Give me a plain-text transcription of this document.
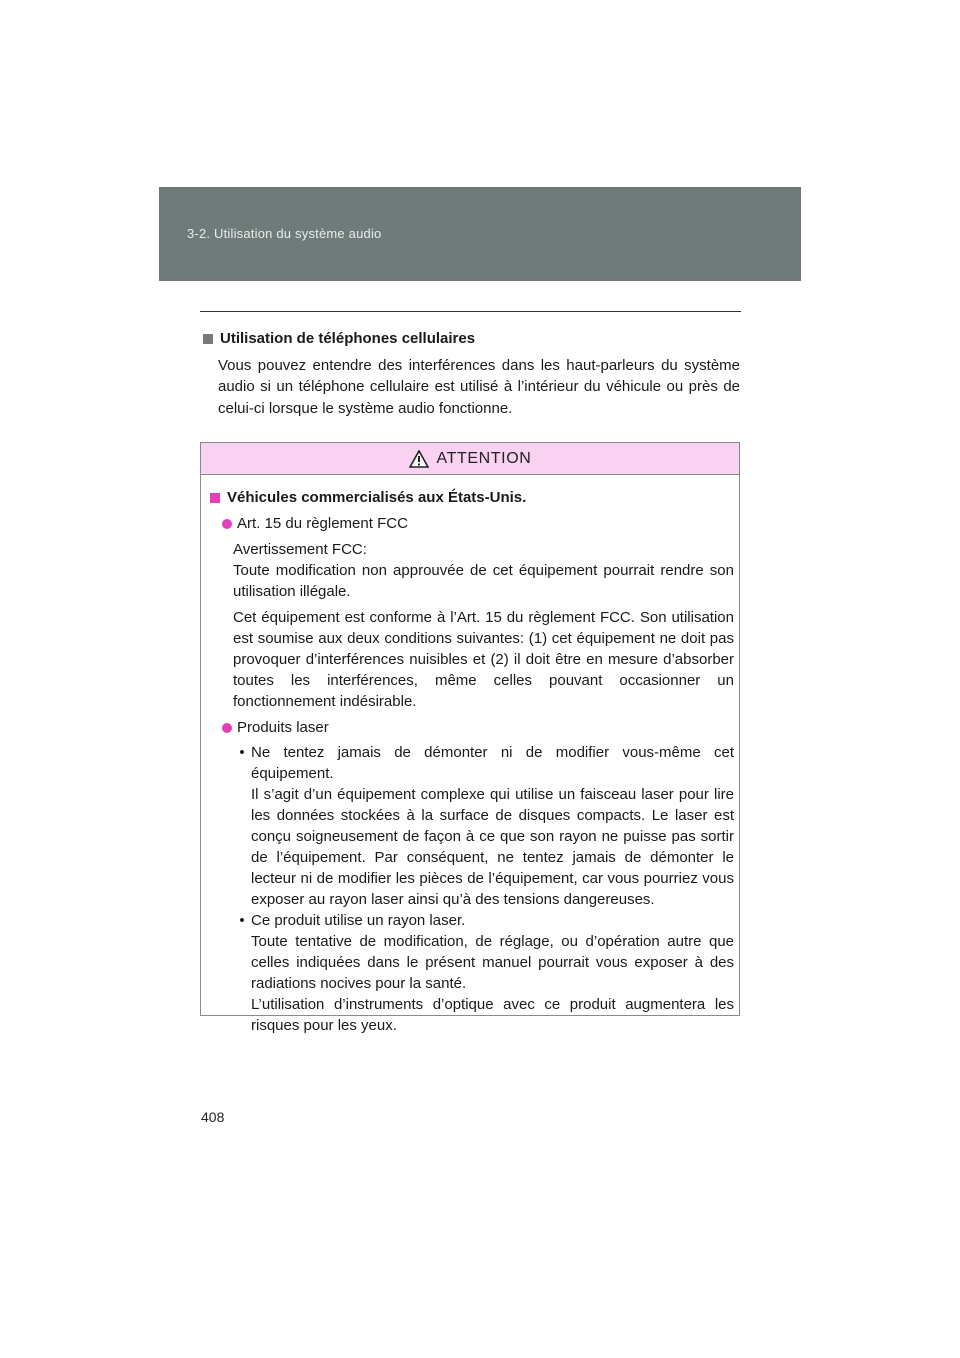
3-2. Utilisation du système audio
Utilisation de téléphones cellulaires
Vous pouvez entendre des interférences dans les haut-parleurs du système audio si un téléphone cellulaire est utilisé à l’intérieur du véhicule ou près de celui-ci lorsque le système audio fonctionne.
ATTENTION
Véhicules commercialisés aux États-Unis.
Art. 15 du règlement FCC
Avertissement FCC:
Toute modification non approuvée de cet équipement pourrait rendre son utilisation illégale.
Cet équipement est conforme à l’Art. 15 du règlement FCC. Son utilisation est soumise aux deux conditions suivantes: (1) cet équipement ne doit pas provoquer d’interférences nuisibles et (2) il doit être en mesure d’absorber toutes les interférences, même celles pouvant occasionner un fonctionnement indésirable.
Produits laser
• Ne tentez jamais de démonter ni de modifier vous-même cet équipement.
Il s’agit d’un équipement complexe qui utilise un faisceau laser pour lire les données stockées à la surface de disques compacts. Le laser est conçu soigneusement de façon à ce que son rayon ne puisse pas sortir de l’équipement. Par conséquent, ne tentez jamais de démonter le lecteur ni de modifier les pièces de l’équipement, car vous pourriez vous exposer au rayon laser ainsi qu’à des tensions dangereuses.
• Ce produit utilise un rayon laser.
Toute tentative de modification, de réglage, ou d’opération autre que celles indiquées dans le présent manuel pourrait vous exposer à des radiations nocives pour la santé.
L’utilisation d’instruments d’optique avec ce produit augmentera les risques pour les yeux.
408
